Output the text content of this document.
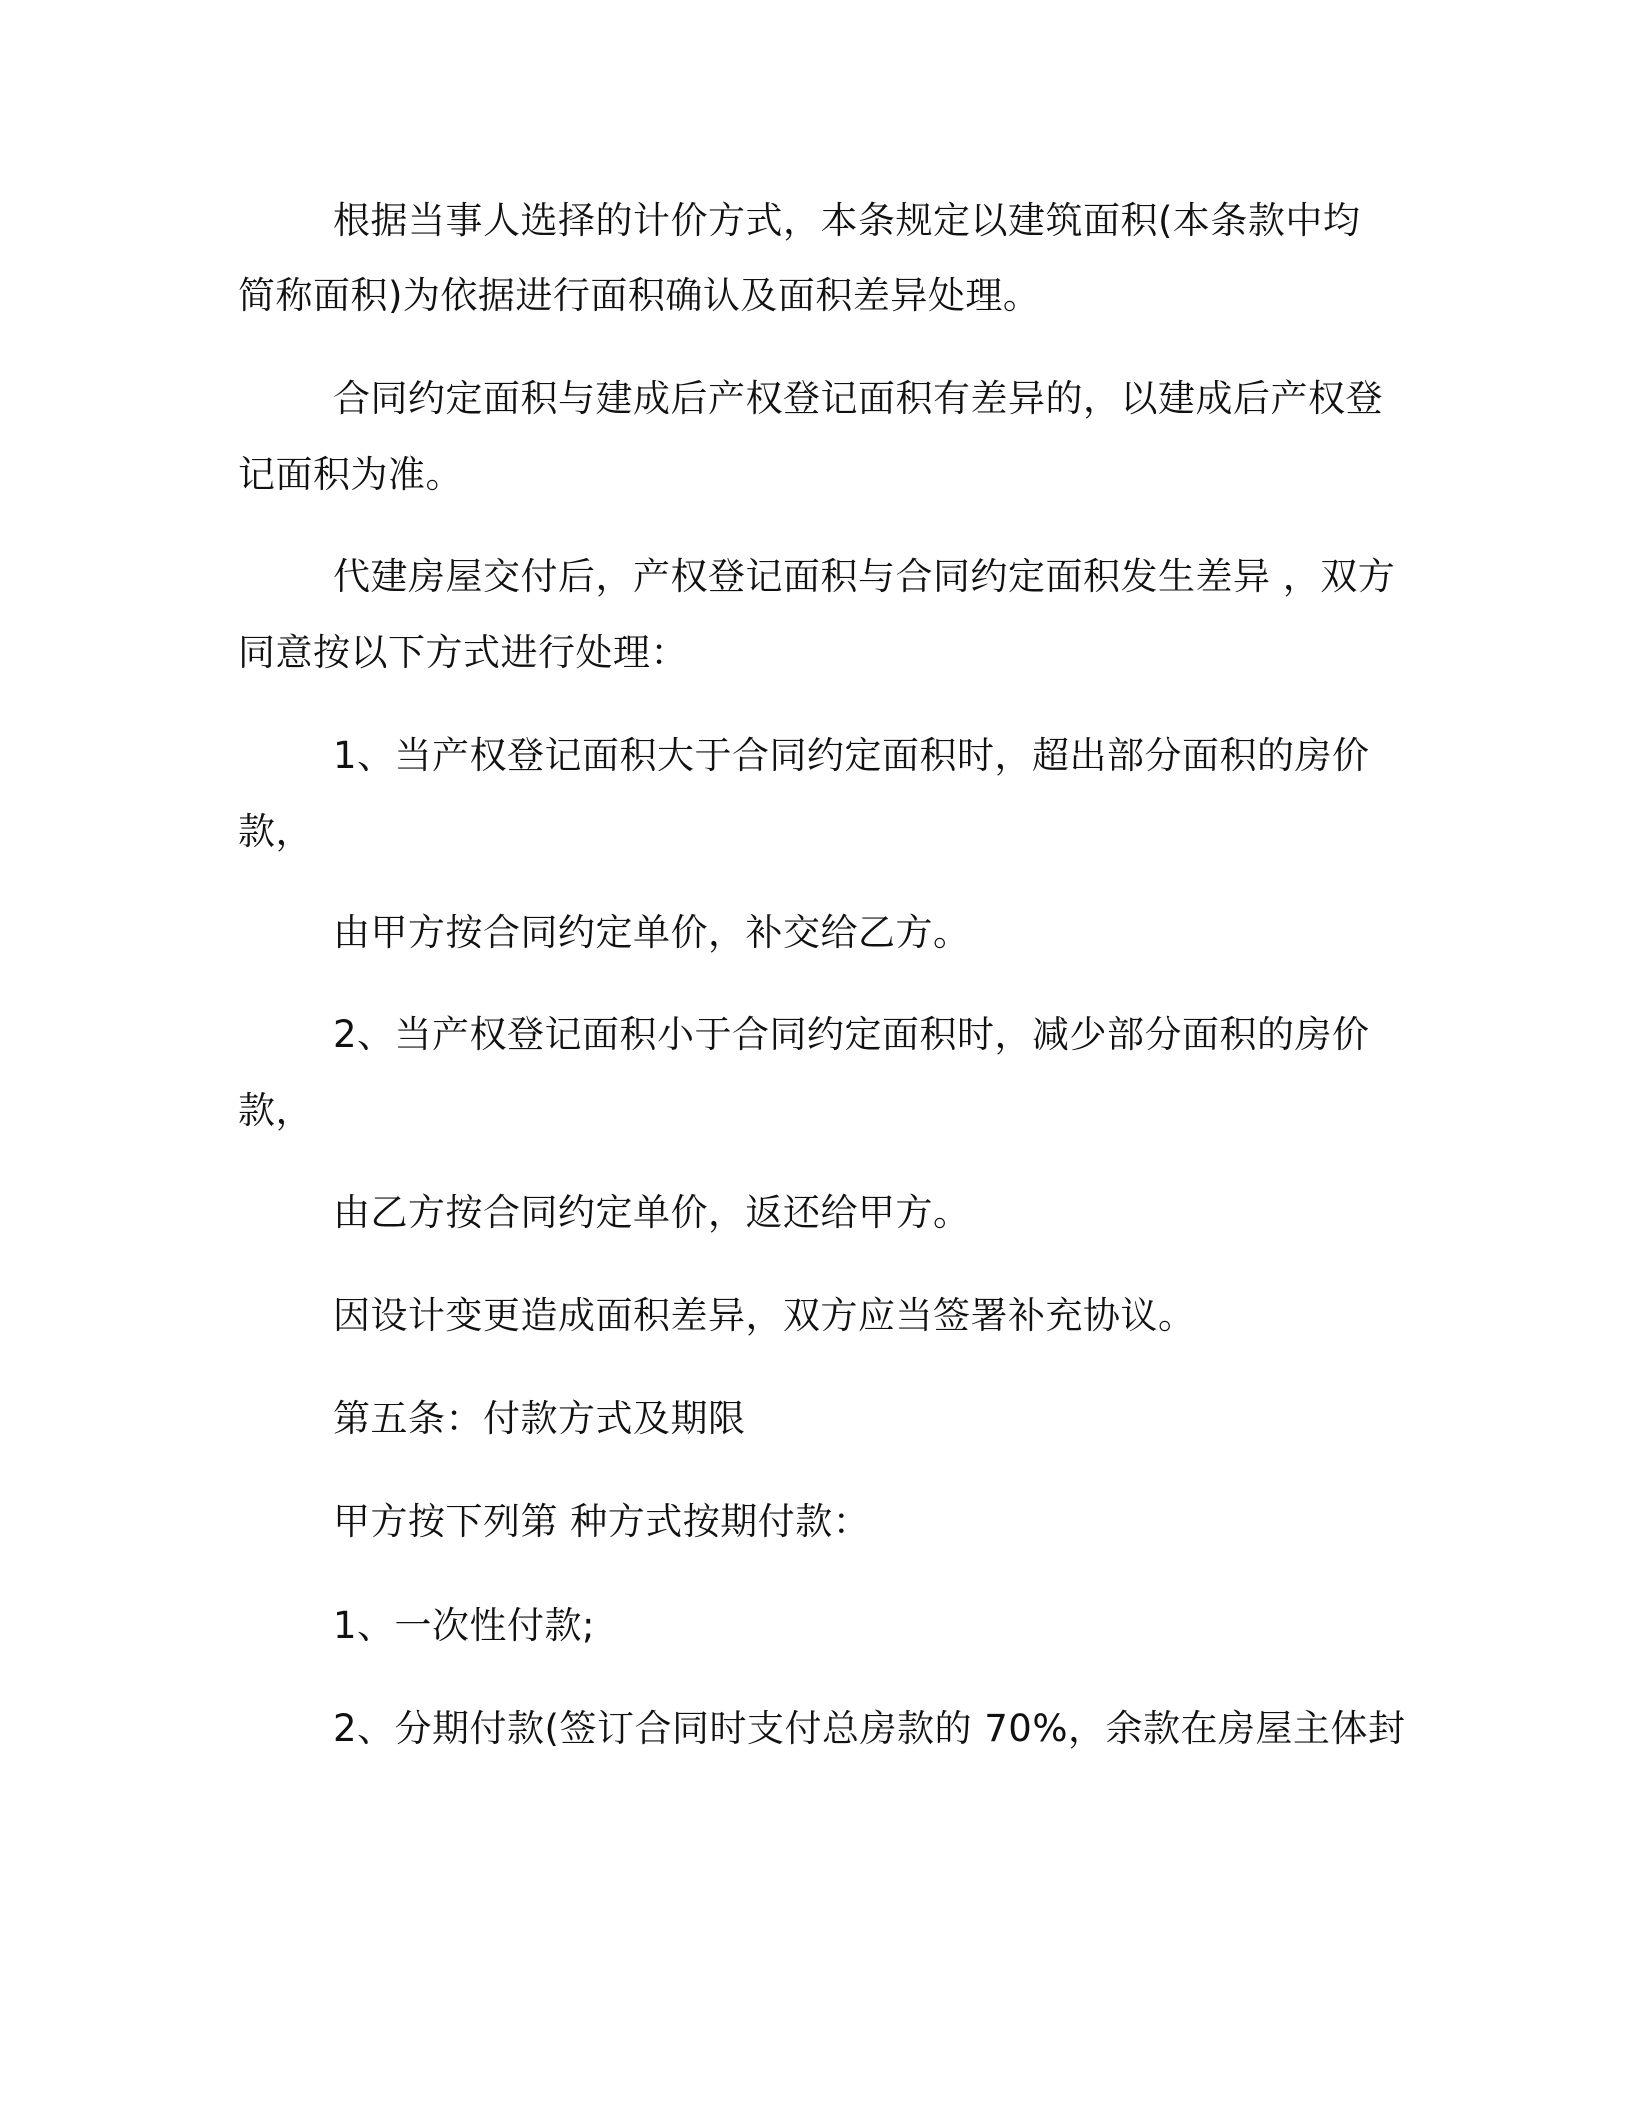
根据当事人选择的计价方式，本条规定以建筑面积(本条款中均
简称面积)为依据进行面积确认及面积差异处理。
合同约定面积与建成后产权登记面积有差异的，以建成后产权登
记面积为准。
代建房屋交付后，产权登记面积与合同约定面积发生差异 ，双方
同意按以下方式进行处理：
1、当产权登记面积大于合同约定面积时，超出部分面积的房价
款，
由甲方按合同约定单价，补交给乙方。
2、当产权登记面积小于合同约定面积时，减少部分面积的房价
款，
由乙方按合同约定单价，返还给甲方。
因设计变更造成面积差异，双方应当签署补充协议。
第五条：付款方式及期限
甲方按下列第 种方式按期付款：
1、一次性付款;
2、分期付款(签订合同时支付总房款的 70%，余款在房屋主体封
